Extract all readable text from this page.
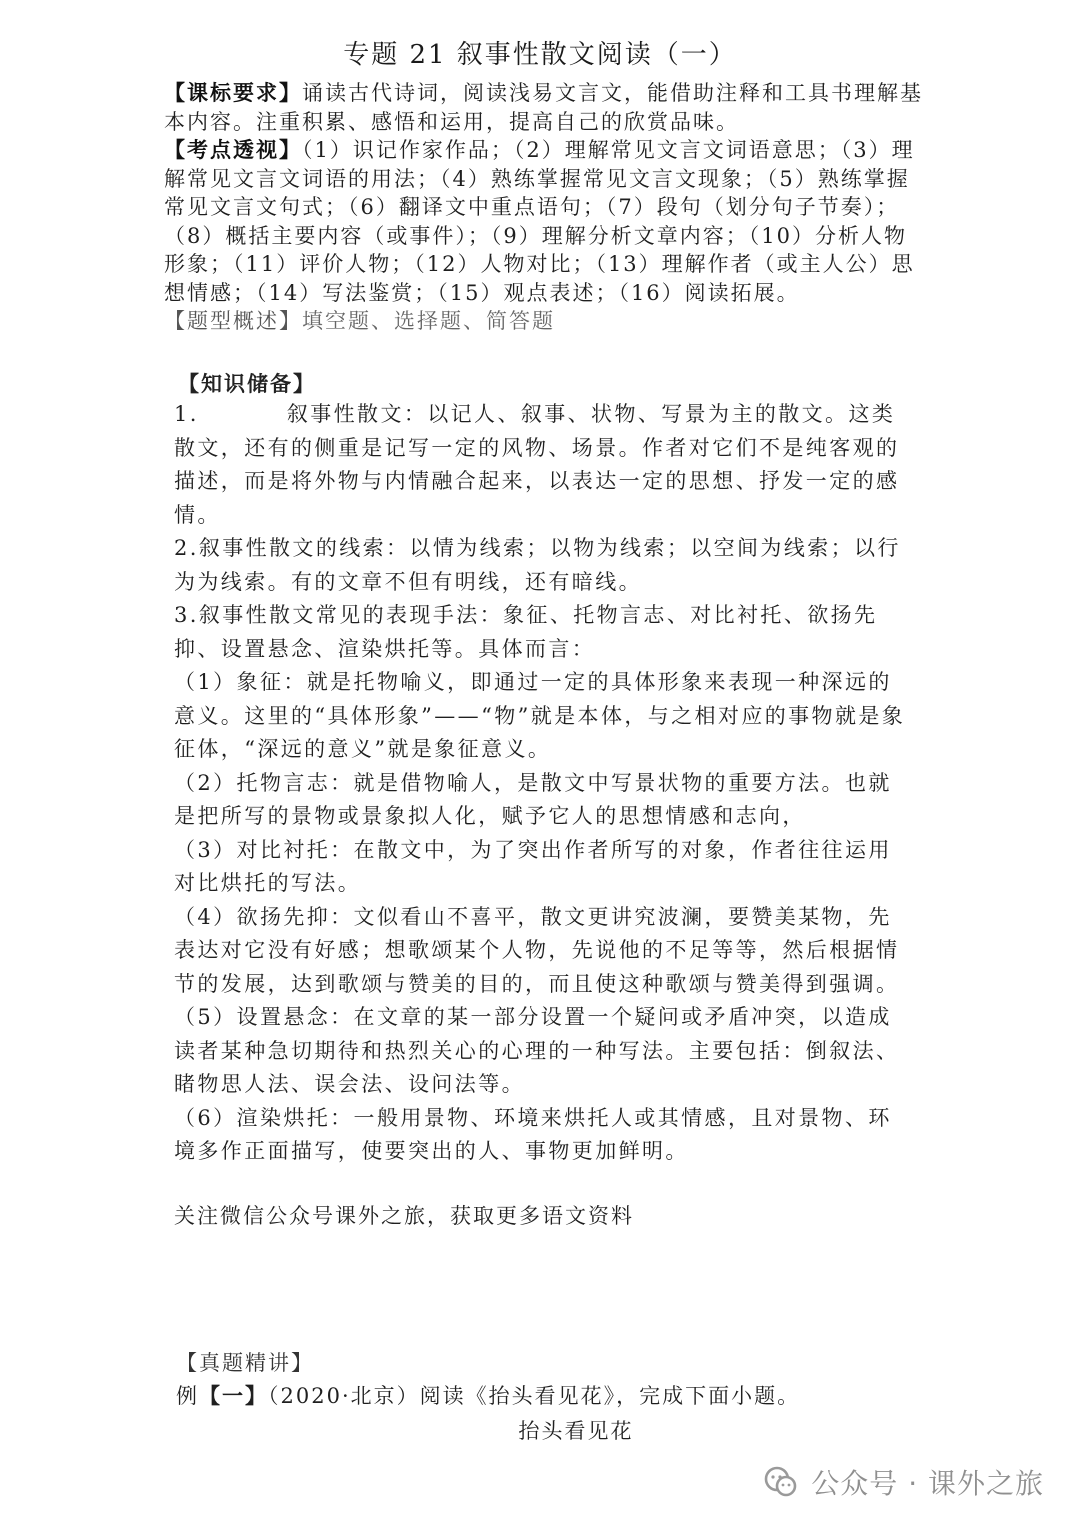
专题 21 叙事性散文阅读（一）
【课标要求】诵读古代诗词，阅读浅易文言文，能借助注释和工具书理解基本内容。注重积累、感悟和运用，提高自己的欣赏品味。
【考点透视】（1）识记作家作品；（2）理解常见文言文词语意思；（3）理解常见文言文词语的用法；（4）熟练掌握常见文言文现象；（5）熟练掌握常见文言文句式；（6）翻译文中重点语句；（7）段句（划分句子节奏）；（8）概括主要内容（或事件）；（9）理解分析文章内容；（10）分析人物形象；（11）评价人物；（12）人物对比；（13）理解作者（或主人公）思想情感；（14）写法鉴赏；（15）观点表述；（16）阅读拓展。
【题型概述】填空题、选择题、简答题
【知识储备】

1.	叙事性散文：以记人、叙事、状物、写景为主的散文。这类散文，还有的侧重是记写一定的风物、场景。作者对它们不是纯客观的描述，而是将外物与内情融合起来，以表达一定的思想、抒发一定的感情。

2.叙事性散文的线索：以情为线索；以物为线索；以空间为线索；以行为为线索。有的文章不但有明线，还有暗线。

3.叙事性散文常见的表现手法：象征、托物言志、对比衬托、欲扬先抑、设置悬念、渲染烘托等。具体而言：

（1）象征：就是托物喻义，即通过一定的具体形象来表现一种深远的意义。这里的“具体形象”——“物”就是本体，与之相对应的事物就是象征体，“深远的意义”就是象征意义。

（2）托物言志：就是借物喻人，是散文中写景状物的重要方法。也就是把所写的景物或景象拟人化，赋予它人的思想情感和志向，

（3）对比衬托：在散文中，为了突出作者所写的对象，作者往往运用对比烘托的写法。

（4）欲扬先抑：文似看山不喜平，散文更讲究波澜，要赞美某物，先表达对它没有好感；想歌颂某个人物，先说他的不足等等，然后根据情节的发展，达到歌颂与赞美的目的，而且使这种歌颂与赞美得到强调。

（5）设置悬念：在文章的某一部分设置一个疑问或矛盾冲突，以造成读者某种急切期待和热烈关心的心理的一种写法。主要包括：倒叙法、睹物思人法、误会法、设问法等。

（6）渲染烘托：一般用景物、环境来烘托人或其情感，且对景物、环境多作正面描写，使要突出的人、事物更加鲜明。

关注微信公众号课外之旅，获取更多语文资料
【真题精讲】
例【一】（2020·北京）阅读《抬头看见花》，完成下面小题。
抬头看见花
公众号 · 课外之旅
